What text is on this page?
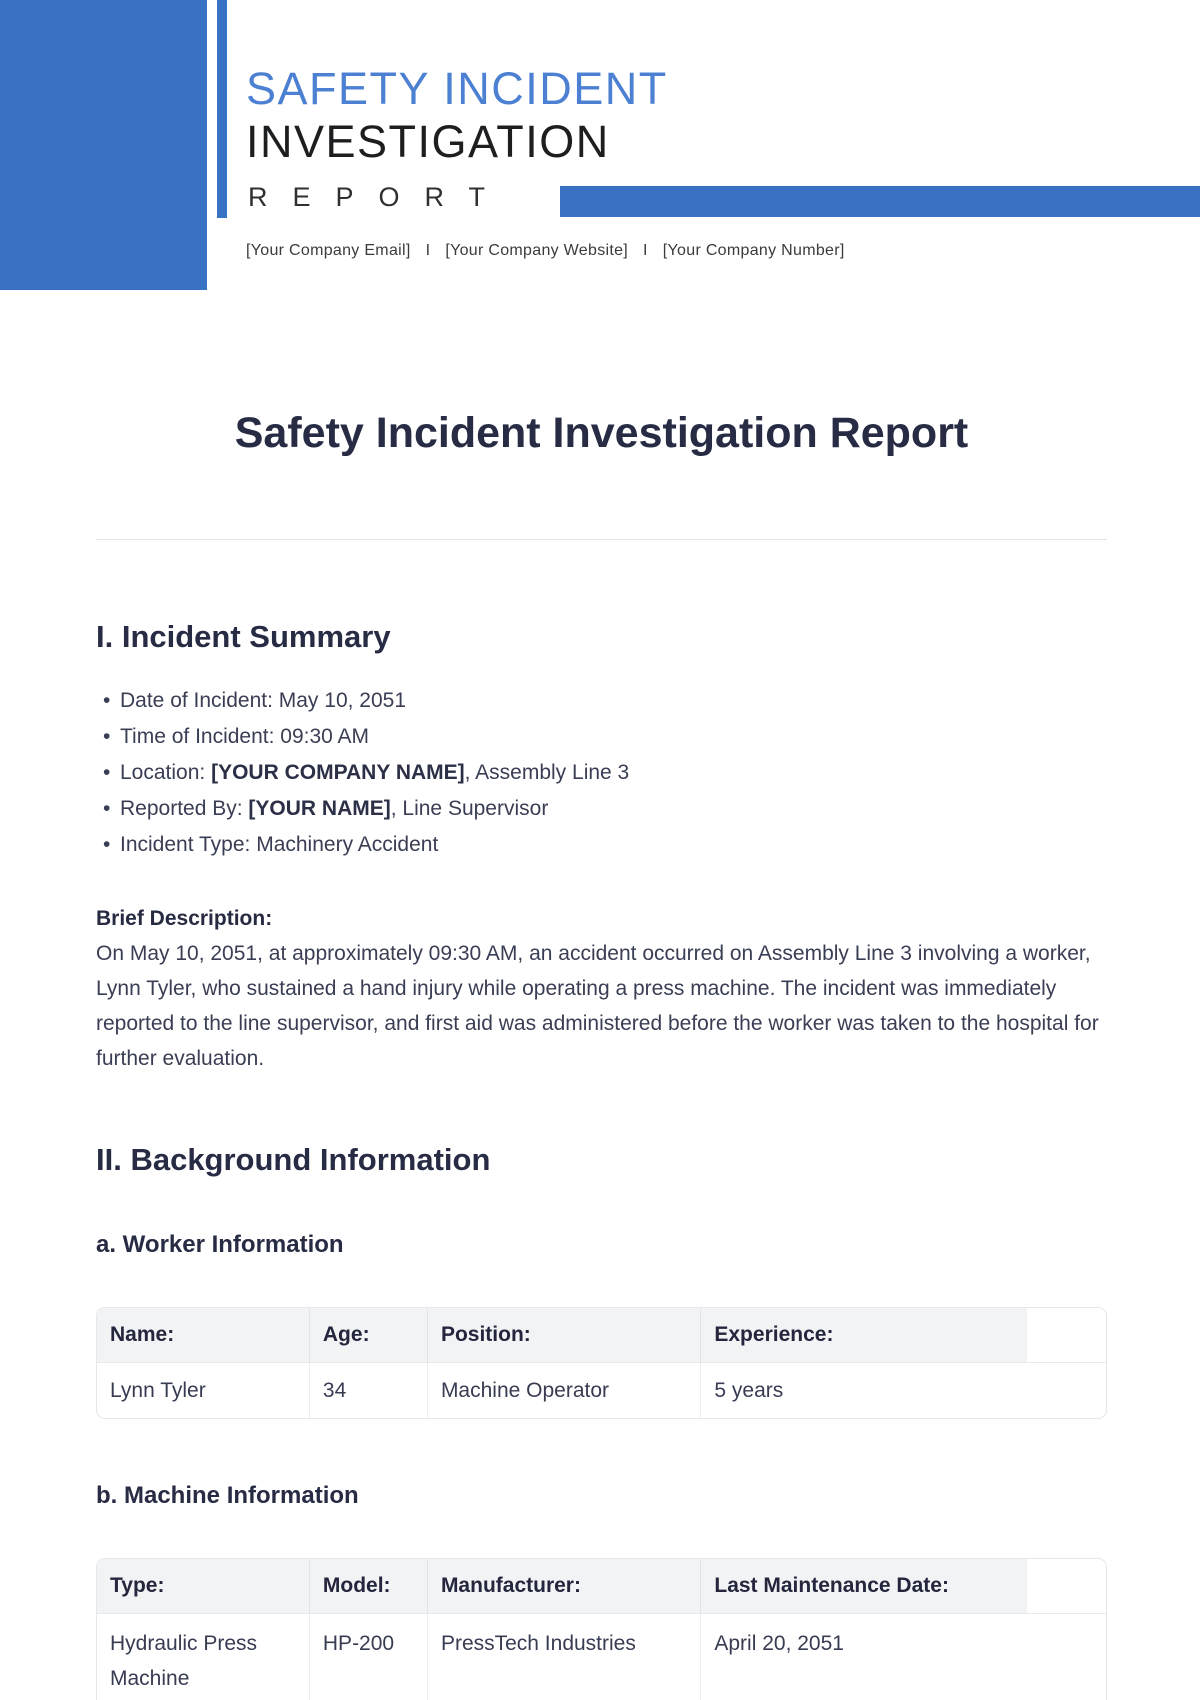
SAFETY INCIDENT
INVESTIGATION
REPORT
[Your Company Email] I [Your Company Website] I [Your Company Number]
Safety Incident Investigation Report
I. Incident Summary
• Date of Incident: May 10, 2051
• Time of Incident: 09:30 AM
• Location: [YOUR COMPANY NAME], Assembly Line 3
• Reported By: [YOUR NAME], Line Supervisor
• Incident Type: Machinery Accident
Brief Description:
On May 10, 2051, at approximately 09:30 AM, an accident occurred on Assembly Line 3 involving a worker, Lynn Tyler, who sustained a hand injury while operating a press machine. The incident was immediately reported to the line supervisor, and first aid was administered before the worker was taken to the hospital for further evaluation.
II. Background Information
a. Worker Information
Name:	Age:	Position:	Experience:
Lynn Tyler	34	Machine Operator	5 years
b. Machine Information
Type:	Model:	Manufacturer:	Last Maintenance Date:
Hydraulic Press Machine	HP-200	PressTech Industries	April 20, 2051
